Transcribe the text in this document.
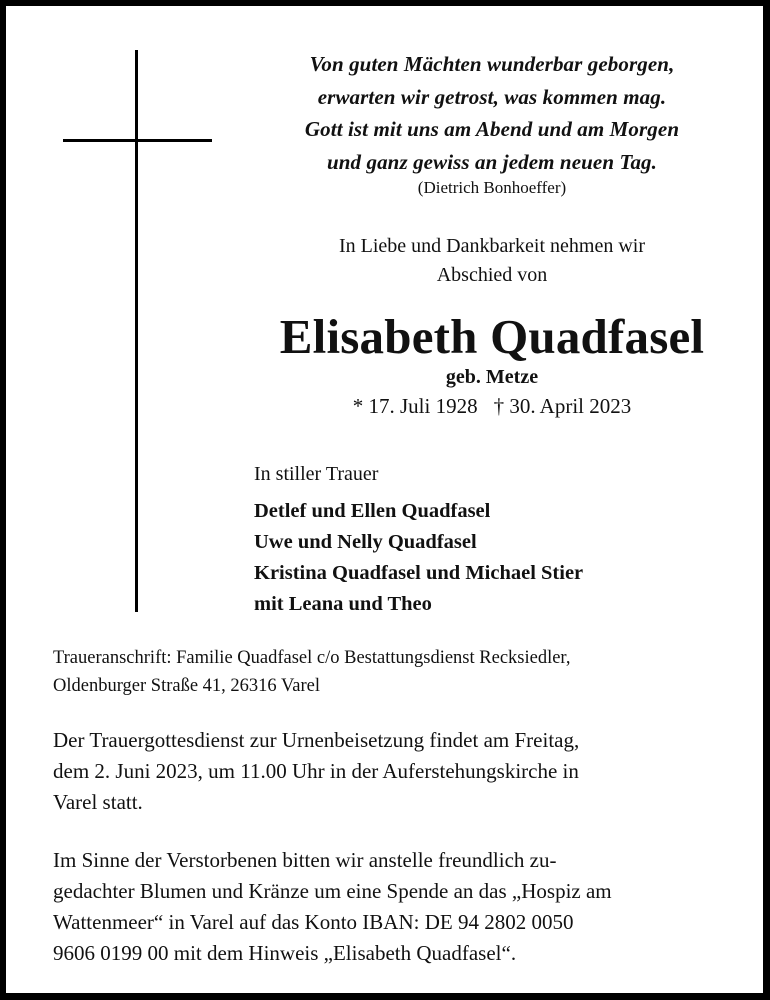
Von guten Mächten wunderbar geborgen,
erwarten wir getrost, was kommen mag.
Gott ist mit uns am Abend und am Morgen
und ganz gewiss an jedem neuen Tag.
(Dietrich Bonhoeffer)
In Liebe und Dankbarkeit nehmen wir
Abschied von
Elisabeth Quadfasel
geb. Metze
* 17. Juli 1928 † 30. April 2023
In stiller Trauer
Detlef und Ellen Quadfasel
Uwe und Nelly Quadfasel
Kristina Quadfasel und Michael Stier
mit Leana und Theo
Traueranschrift: Familie Quadfasel c/o Bestattungsdienst Recksiedler,
Oldenburger Straße 41, 26316 Varel
Der Trauergottesdienst zur Urnenbeisetzung findet am Freitag,
dem 2. Juni 2023, um 11.00 Uhr in der Auferstehungskirche in
Varel statt.
Im Sinne der Verstorbenen bitten wir anstelle freundlich zu-
gedachter Blumen und Kränze um eine Spende an das „Hospiz am
Wattenmeer“ in Varel auf das Konto IBAN: DE 94 2802 0050
9606 0199 00 mit dem Hinweis „Elisabeth Quadfasel“.
